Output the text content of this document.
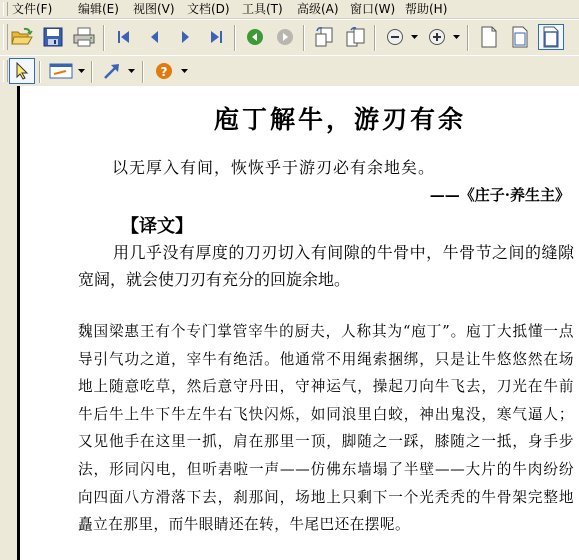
文件(F) 编辑(E) 视图(V) 文档(D) 工具(T) 高级(A) 窗口(W) 帮助(H)
?
庖丁解牛，游刃有余
以无厚入有间，恢恢乎于游刃必有余地矣。
——《庄子·养生主》
【译文】
用几乎没有厚度的刀刃切入有间隙的牛骨中，牛骨节之间的缝隙宽阔，就会使刀刃有充分的回旋余地。
魏国梁惠王有个专门掌管宰牛的厨夫，人称其为“庖丁”。庖丁大抵懂一点导引气功之道，宰牛有绝活。他通常不用绳索捆绑，只是让牛悠悠然在场地上随意吃草，然后意守丹田，守神运气，操起刀向牛飞去，刀光在牛前牛后牛上牛下牛左牛右飞快闪烁，如同浪里白蛟，神出鬼没，寒气逼人；又见他手在这里一抓，肩在那里一顶，脚随之一踩，膝随之一抵，身手步法，形同闪电，但听砉啦一声——仿佛东墙塌了半壁——大片的牛肉纷纷向四面八方滑落下去，刹那间，场地上只剩下一个光秃秃的牛骨架完整地矗立在那里，而牛眼睛还在转，牛尾巴还在摆呢。
